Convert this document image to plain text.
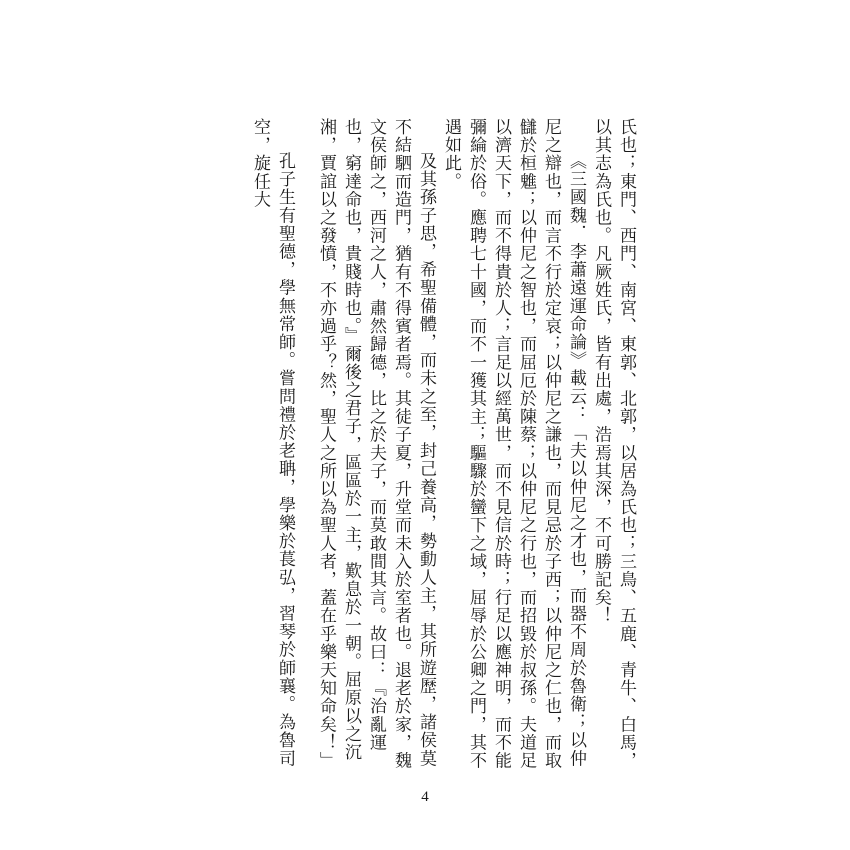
氏也；東門、西門、南宮、東郭、北郭，以居為氏也；三鳥、五鹿、青牛、白馬，以其志為氏也。凡厥姓氏，皆有出處，浩焉其深，不可勝記矣！

《三國魏．李蕭遠運命論》載云：「夫以仲尼之才也，而器不周於魯衛；以仲尼之辯也，而言不行於定哀；以仲尼之謙也，而見忌於子西；以仲尼之仁也，而取讎於桓魋；以仲尼之智也，而屈厄於陳蔡；以仲尼之行也，而招毀於叔孫。夫道足以濟天下，而不得貴於人；言足以經萬世，而不見信於時；行足以應神明，而不能彌綸於俗。應聘七十國，而不一獲其主；驅驟於蠻下之域，屈辱於公卿之門，其不遇如此。

及其孫子思，希聖備體，而未之至，封己養高，勢動人主，其所遊歷，諸侯莫不結駟而造門，猶有不得賓者焉。其徒子夏，升堂而未入於室者也。退老於家，魏文侯師之，西河之人，肅然歸德，比之於夫子，而莫敢間其言。故曰：『治亂運也，窮達命也，貴賤時也。』爾後之君子，區區於一主，歎息於一朝。屈原以之沉湘，賈誼以之發憤，不亦過乎？然，聖人之所以為聖人者，蓋在乎樂天知命矣！」

孔子生有聖德，學無常師。嘗問禮於老聃，學樂於萇弘，習琴於師襄。為魯司空，旋任大

4
